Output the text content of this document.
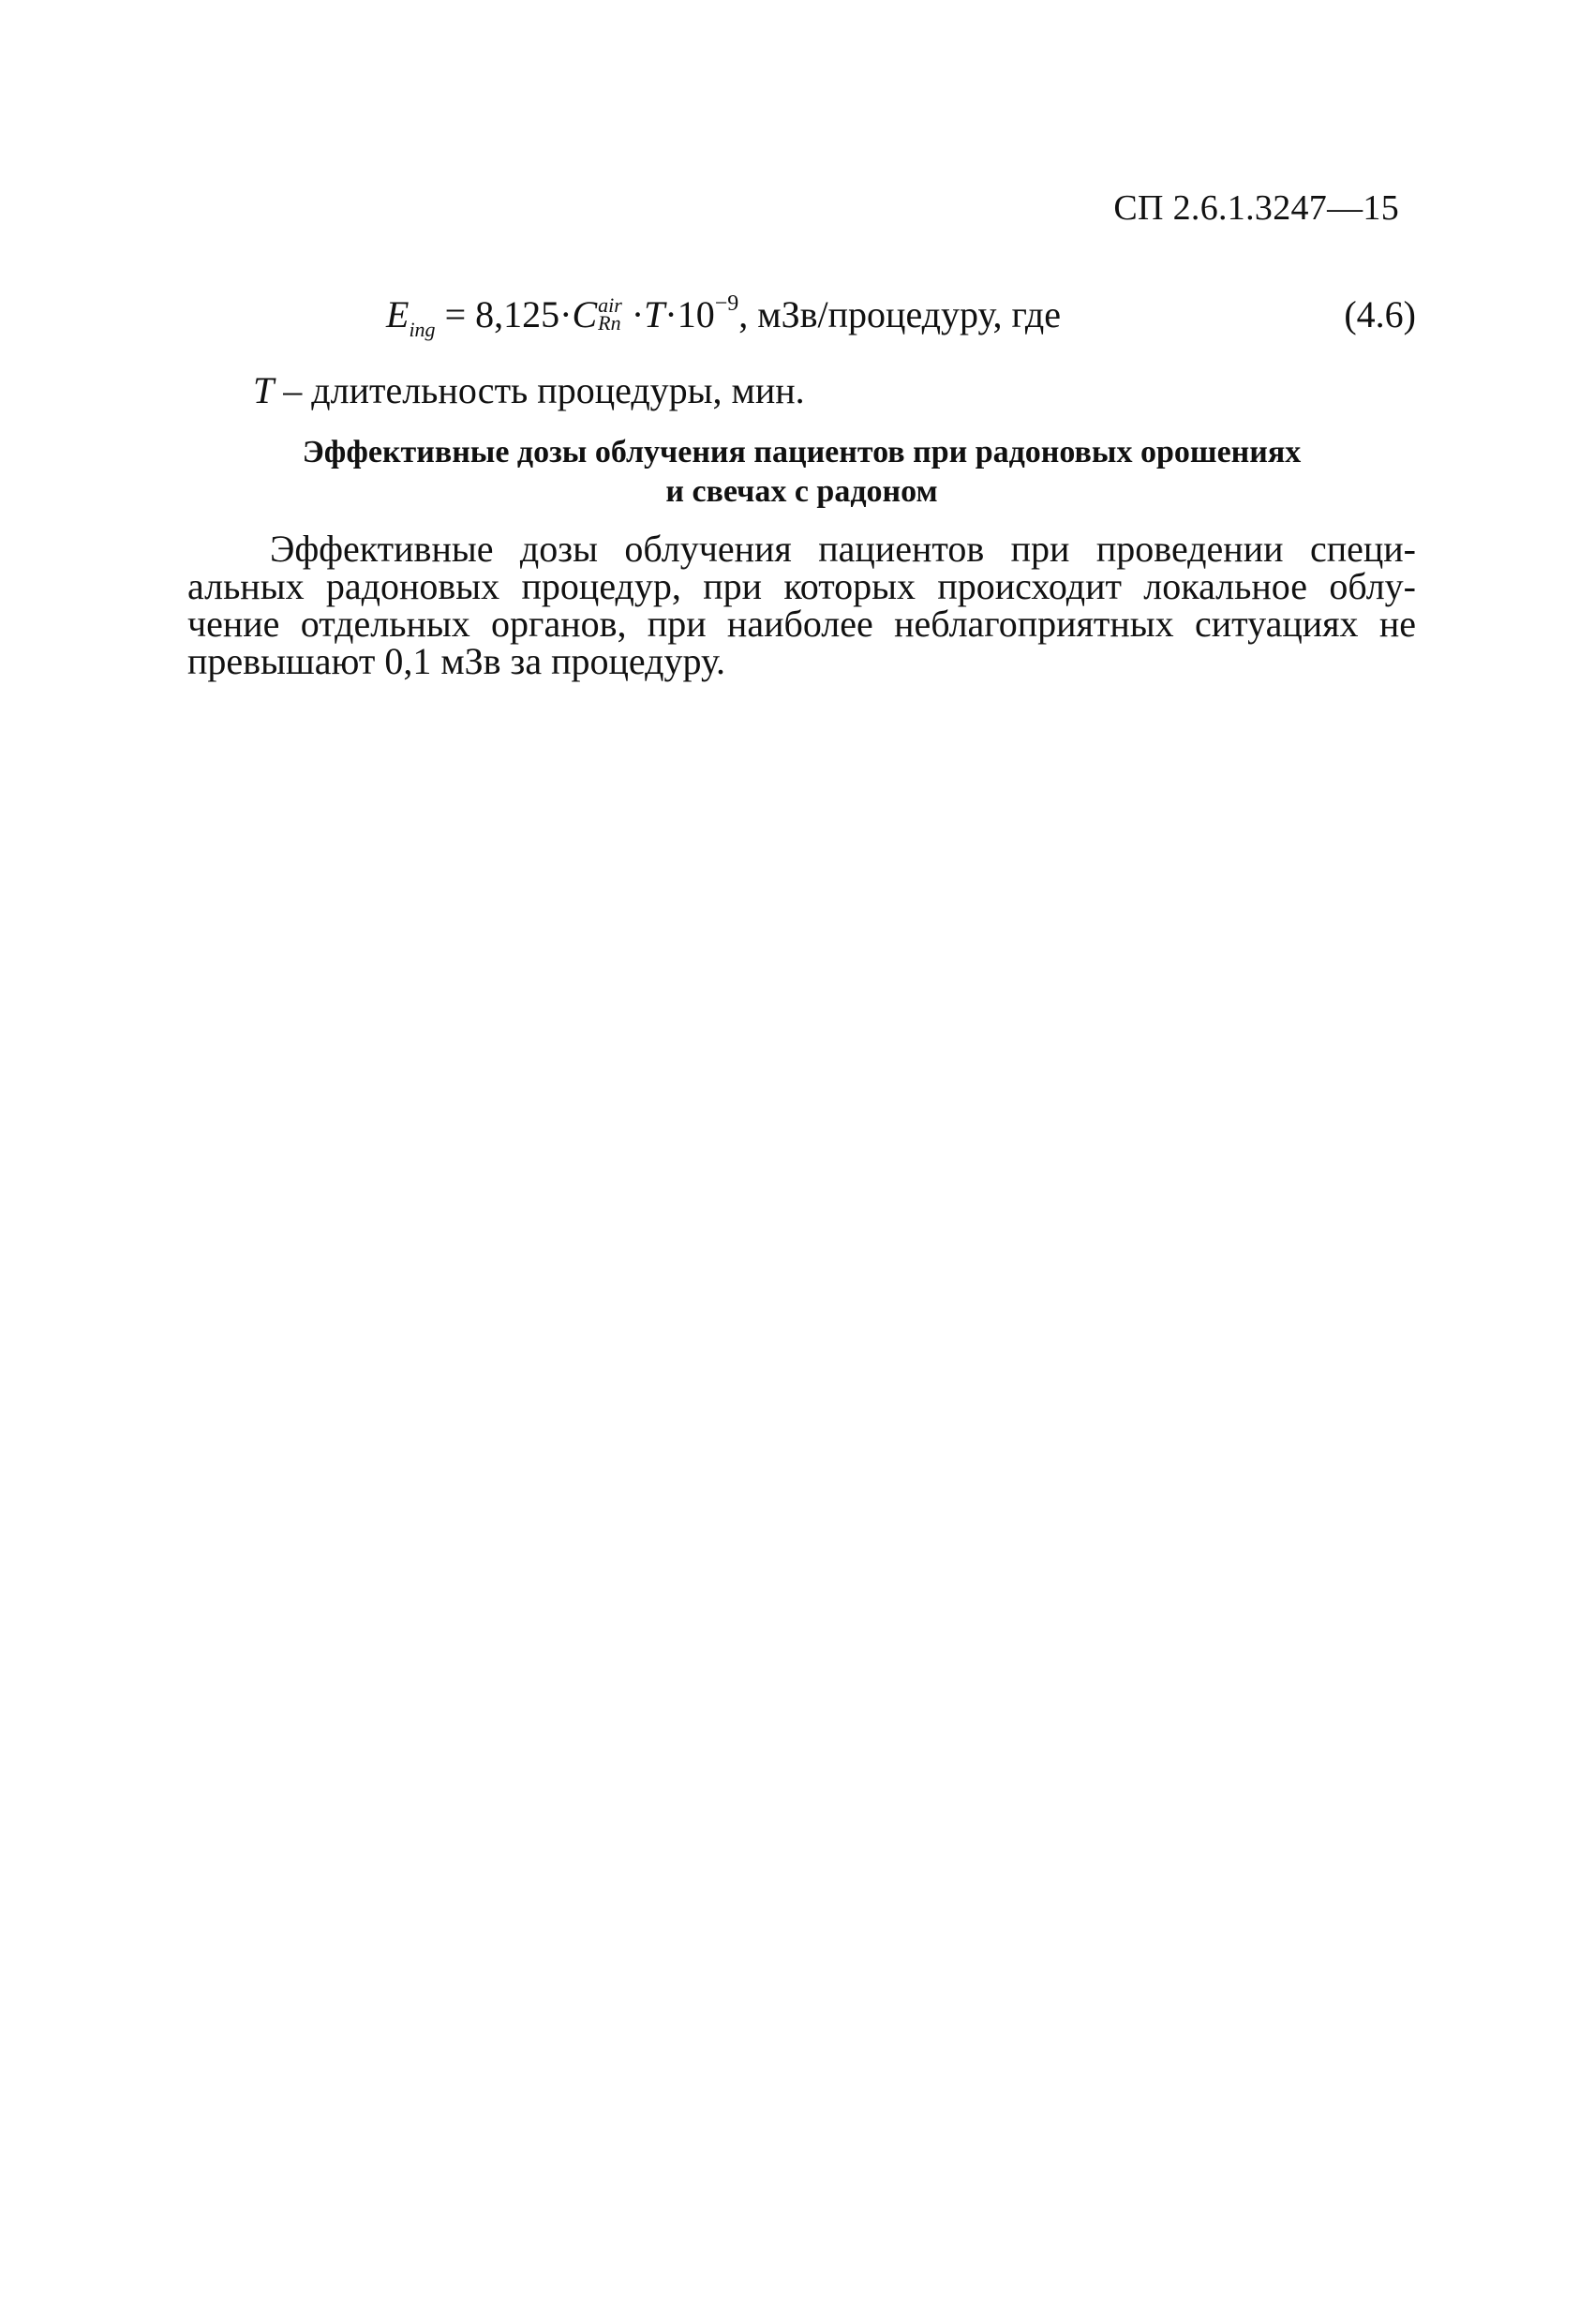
СП 2.6.1.3247—15
$E_{ing} = 8,125\cdot C$ air
$Rn \cdot T\cdot 10^{-9}$, мЗв/процедуру, где	(4.6)
T – длительность процедуры, мин.
Эффективные дозы облучения пациентов при радоновых орошениях
и свечах с радоном
Эффективные дозы облучения пациентов при проведении специ-
альных радоновых процедур, при которых происходит локальное облу-
чение отдельных органов, при наиболее неблагоприятных ситуациях не
превышают 0,1 мЗв за процедуру.
